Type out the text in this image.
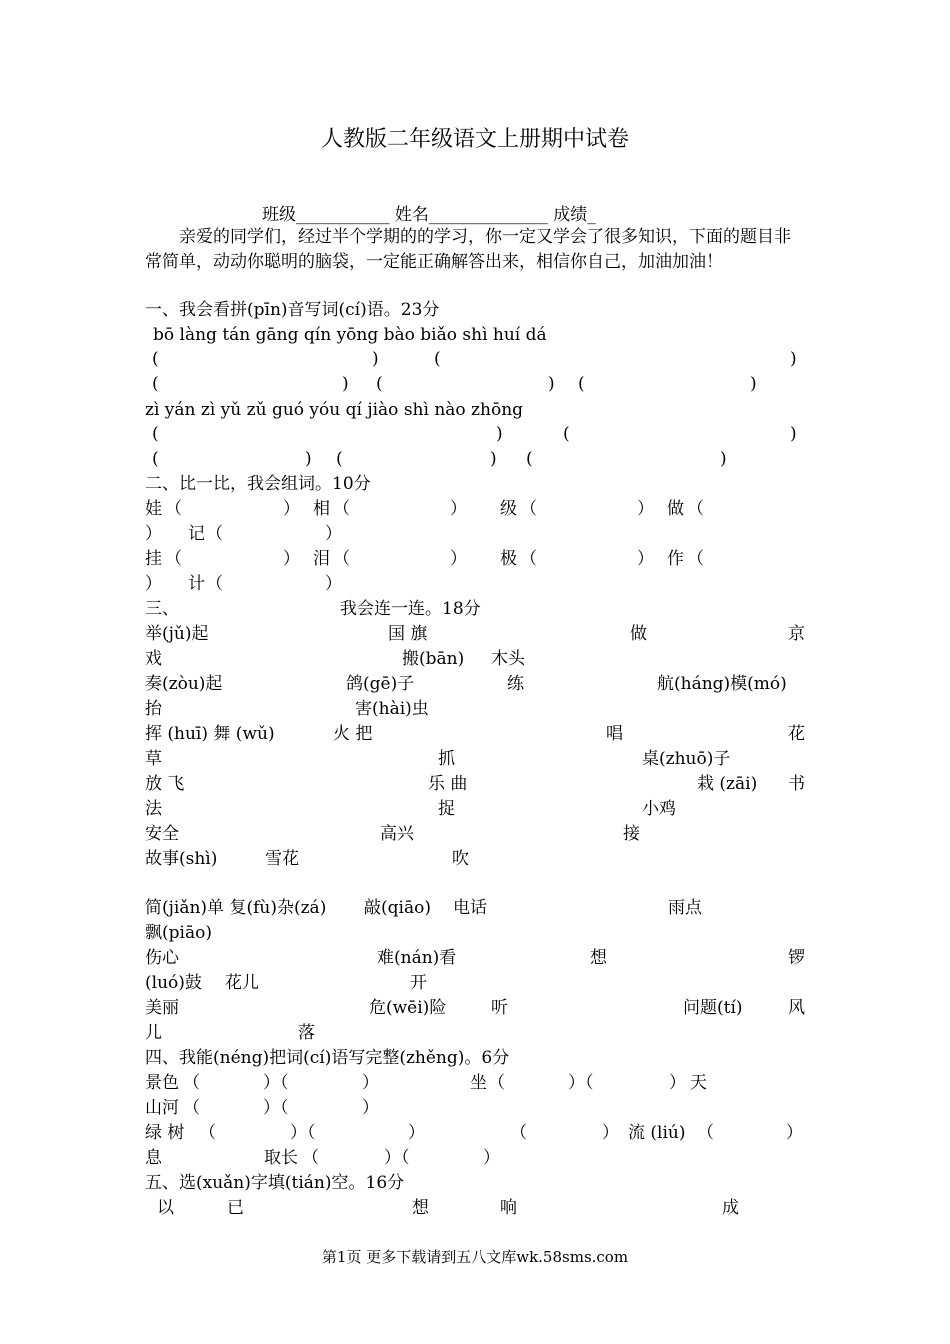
人教版二年级语文上册期中试卷
班级___________ 姓名______________ 成绩_
亲爱的同学们，经过半个学期的的学习，你一定又学会了很多知识，下面的题目非常简单，动动你聪明的脑袋，一定能正确解答出来，相信你自己，加油加油！
一、我会看拼(pīn)音写词(cí)语。23分
bō làng tán gāng qín yōng bào biǎo shì huí dá
(	)	(	)
(	) (	) (	)
zì yán zì yǔ zǔ guó yóu qí jiào shì nào zhōng
(	)	(	)
(	) (	) (	)
二、比一比，我会组词。10分
娃 （	） 相 （	） 级 （	） 做 （
） 记 （	）
挂 （	） 泪 （	） 极 （	） 作 （
） 计 （	）
三、	我会连一连。18分
举(jǔ)起	国 旗	做	京
戏	搬(bān) 木头
奏(zòu)起	鸽(gē)子	练	航(háng)模(mó)
抬	害(hài)虫
挥 (huī) 舞 (wǔ)	火 把	唱	花
草	抓	桌(zhuō)子
放 飞	乐 曲	栽 (zāi) 书
法	捉	小鸡
安全	高兴	接
故事(shì)	雪花	吹
简(jiǎn)单 复(fù)杂(zá) 敲(qiāo) 电话	雨点
飘(piāo)
伤心	难(nán)看	想	锣
(luó)鼓 花儿	开
美丽	危(wēi)险	听	问题(tí)	风
儿	落
四、我能(néng)把词(cí)语写完整(zhěng)。6分
景色 （	）（	）	坐 （	）（	） 天
山河 （	）（	）
绿 树 （	）（	）	（	） 流 (liú) （	）
息	取长 （	）（	）
五、选(xuǎn)字填(tián)空。16分
以	已	想	响	成
第1页 更多下载请到五八文库wk.58sms.com
